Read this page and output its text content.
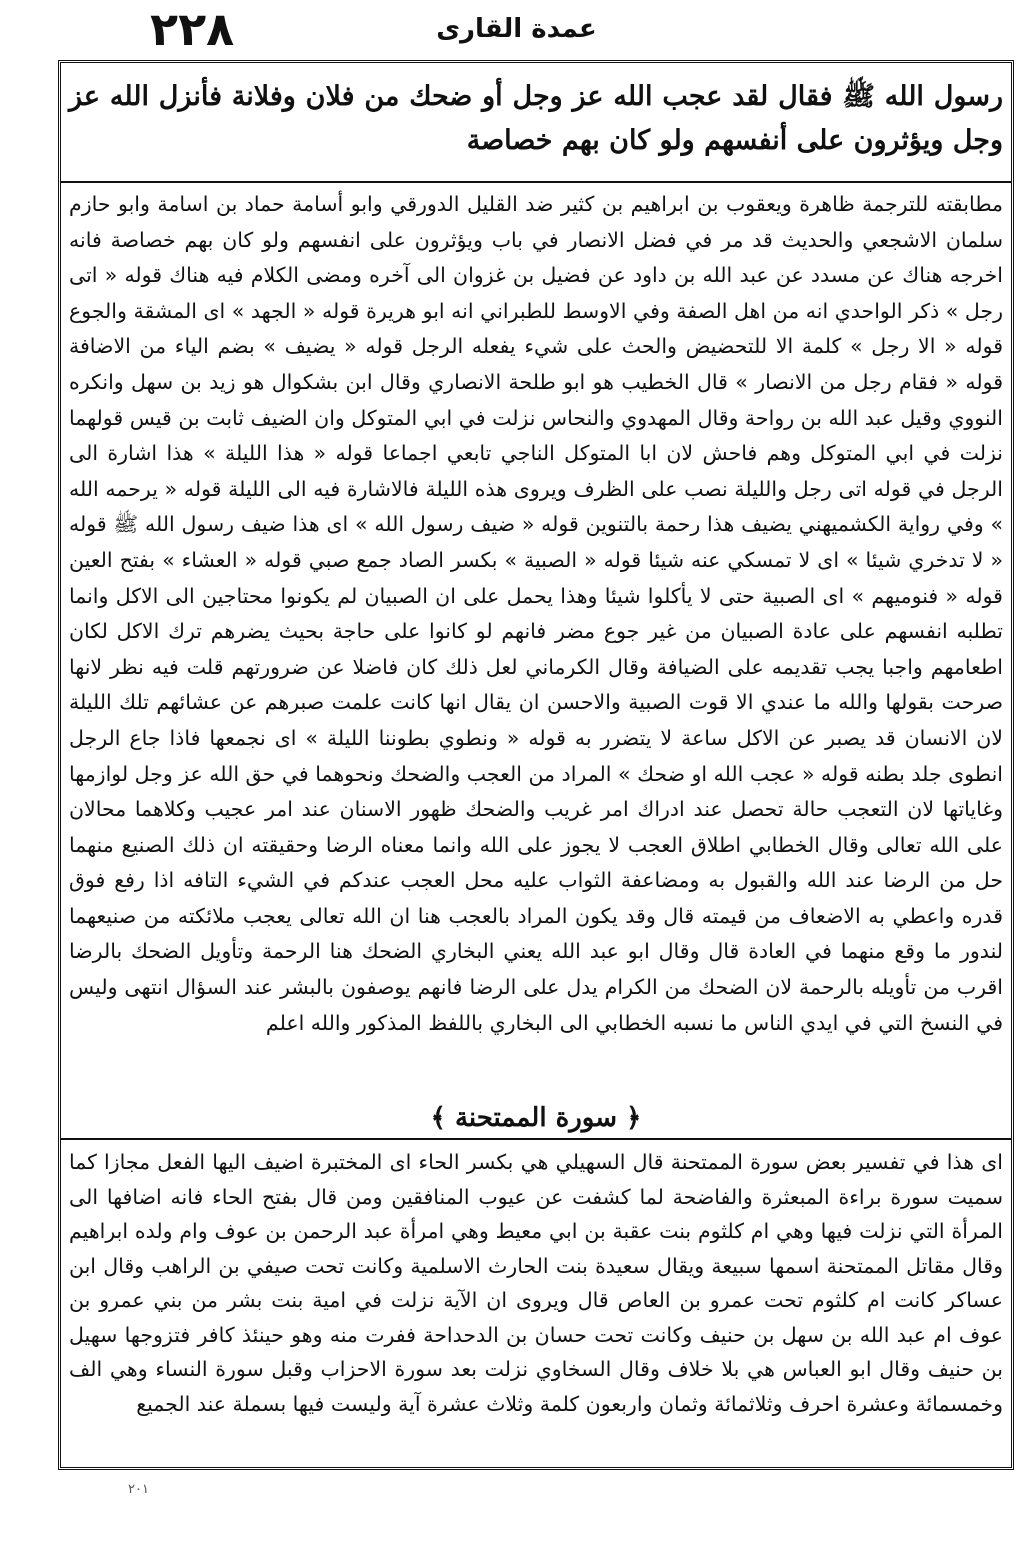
۲۲۸	عمدة القاری
رسول الله ﷺ فقال لقد عجب الله عز وجل أو ضحك من فلان وفلانة فأنزل الله عز وجل ويؤثرون على أنفسهم ولو كان بهم خصاصة
مطابقته للترجمة ظاهرة ويعقوب بن ابراهيم بن كثير ضد القليل الدورقي وابو أسامة حماد بن اسامة وابو حازم سلمان الاشجعي والحديث قد مر في فضل الانصار في باب ويؤثرون على انفسهم ولو كان بهم خصاصة فانه اخرجه هناك عن مسدد عن عبد الله بن داود عن فضيل بن غزوان الى آخره ومضى الكلام فيه هناك قوله « اتى رجل » ذكر الواحدي انه من اهل الصفة وفي الاوسط للطبراني انه ابو هريرة قوله « الجهد » اى المشقة والجوع قوله « الا رجل » كلمة الا للتحضيض والحث على شيء يفعله الرجل قوله « يضيف » بضم الياء من الاضافة قوله « فقام رجل من الانصار » قال الخطيب هو ابو طلحة الانصاري وقال ابن بشكوال هو زيد بن سهل وانكره النووي وقيل عبد الله بن رواحة وقال المهدوي والنحاس نزلت في ابي المتوكل وان الضيف ثابت بن قيس قولهما نزلت في ابي المتوكل وهم فاحش لان ابا المتوكل الناجي تابعي اجماعا قوله « هذا الليلة » هذا اشارة الى الرجل في قوله اتى رجل والليلة نصب على الظرف ويروى هذه الليلة فالاشارة فيه الى الليلة قوله « يرحمه الله » وفي رواية الكشميهني يضيف هذا رحمة بالتنوين قوله « ضيف رسول الله » اى هذا ضيف رسول الله ﷺ قوله « لا تدخري شيئا » اى لا تمسكي عنه شيئا قوله « الصبية » بكسر الصاد جمع صبي قوله « العشاء » بفتح العين قوله « فنوميهم » اى الصبية حتى لا يأكلوا شيئا وهذا يحمل على ان الصبيان لم يكونوا محتاجين الى الاكل وانما تطلبه انفسهم على عادة الصبيان من غير جوع مضر فانهم لو كانوا على حاجة بحيث يضرهم ترك الاكل لكان اطعامهم واجبا يجب تقديمه على الضيافة وقال الكرماني لعل ذلك كان فاضلا عن ضرورتهم قلت فيه نظر لانها صرحت بقولها والله ما عندي الا قوت الصبية والاحسن ان يقال انها كانت علمت صبرهم عن عشائهم تلك الليلة لان الانسان قد يصبر عن الاكل ساعة لا يتضرر به قوله « ونطوي بطوننا الليلة » اى نجمعها فاذا جاع الرجل انطوى جلد بطنه قوله « عجب الله او ضحك » المراد من العجب والضحك ونحوهما في حق الله عز وجل لوازمها وغاياتها لان التعجب حالة تحصل عند ادراك امر غريب والضحك ظهور الاسنان عند امر عجيب وكلاهما محالان على الله تعالى وقال الخطابي اطلاق العجب لا يجوز على الله وانما معناه الرضا وحقيقته ان ذلك الصنيع منهما حل من الرضا عند الله والقبول به ومضاعفة الثواب عليه محل العجب عندكم في الشيء التافه اذا رفع فوق قدره واعطي به الاضعاف من قيمته قال وقد يكون المراد بالعجب هنا ان الله تعالى يعجب ملائكته من صنيعهما لندور ما وقع منهما في العادة قال وقال ابو عبد الله يعني البخاري الضحك هنا الرحمة وتأويل الضحك بالرضا اقرب من تأويله بالرحمة لان الضحك من الكرام يدل على الرضا فانهم يوصفون بالبشر عند السؤال انتهى وليس في النسخ التي في ايدي الناس ما نسبه الخطابي الى البخاري باللفظ المذكور والله اعلم
﴿ سورة الممتحنة ﴾
اى هذا في تفسير بعض سورة الممتحنة قال السهيلي هي بكسر الحاء اى المختبرة اضيف اليها الفعل مجازا كما سميت سورة براءة المبعثرة والفاضحة لما كشفت عن عيوب المنافقين ومن قال بفتح الحاء فانه اضافها الى المرأة التي نزلت فيها وهي ام كلثوم بنت عقبة بن ابي معيط وهي امرأة عبد الرحمن بن عوف وام ولده ابراهيم وقال مقاتل الممتحنة اسمها سبيعة ويقال سعيدة بنت الحارث الاسلمية وكانت تحت صيفي بن الراهب وقال ابن عساكر كانت ام كلثوم تحت عمرو بن العاص قال ويروى ان الآية نزلت في امية بنت بشر من بني عمرو بن عوف ام عبد الله بن سهل بن حنيف وكانت تحت حسان بن الدحداحة ففرت منه وهو حينئذ كافر فتزوجها سهيل بن حنيف وقال ابو العباس هي بلا خلاف وقال السخاوي نزلت بعد سورة الاحزاب وقبل سورة النساء وهي الف وخمسمائة وعشرة احرف وثلاثمائة وثمان واربعون كلمة وثلاث عشرة آية وليست فيها بسملة عند الجميع
۲۰۱
